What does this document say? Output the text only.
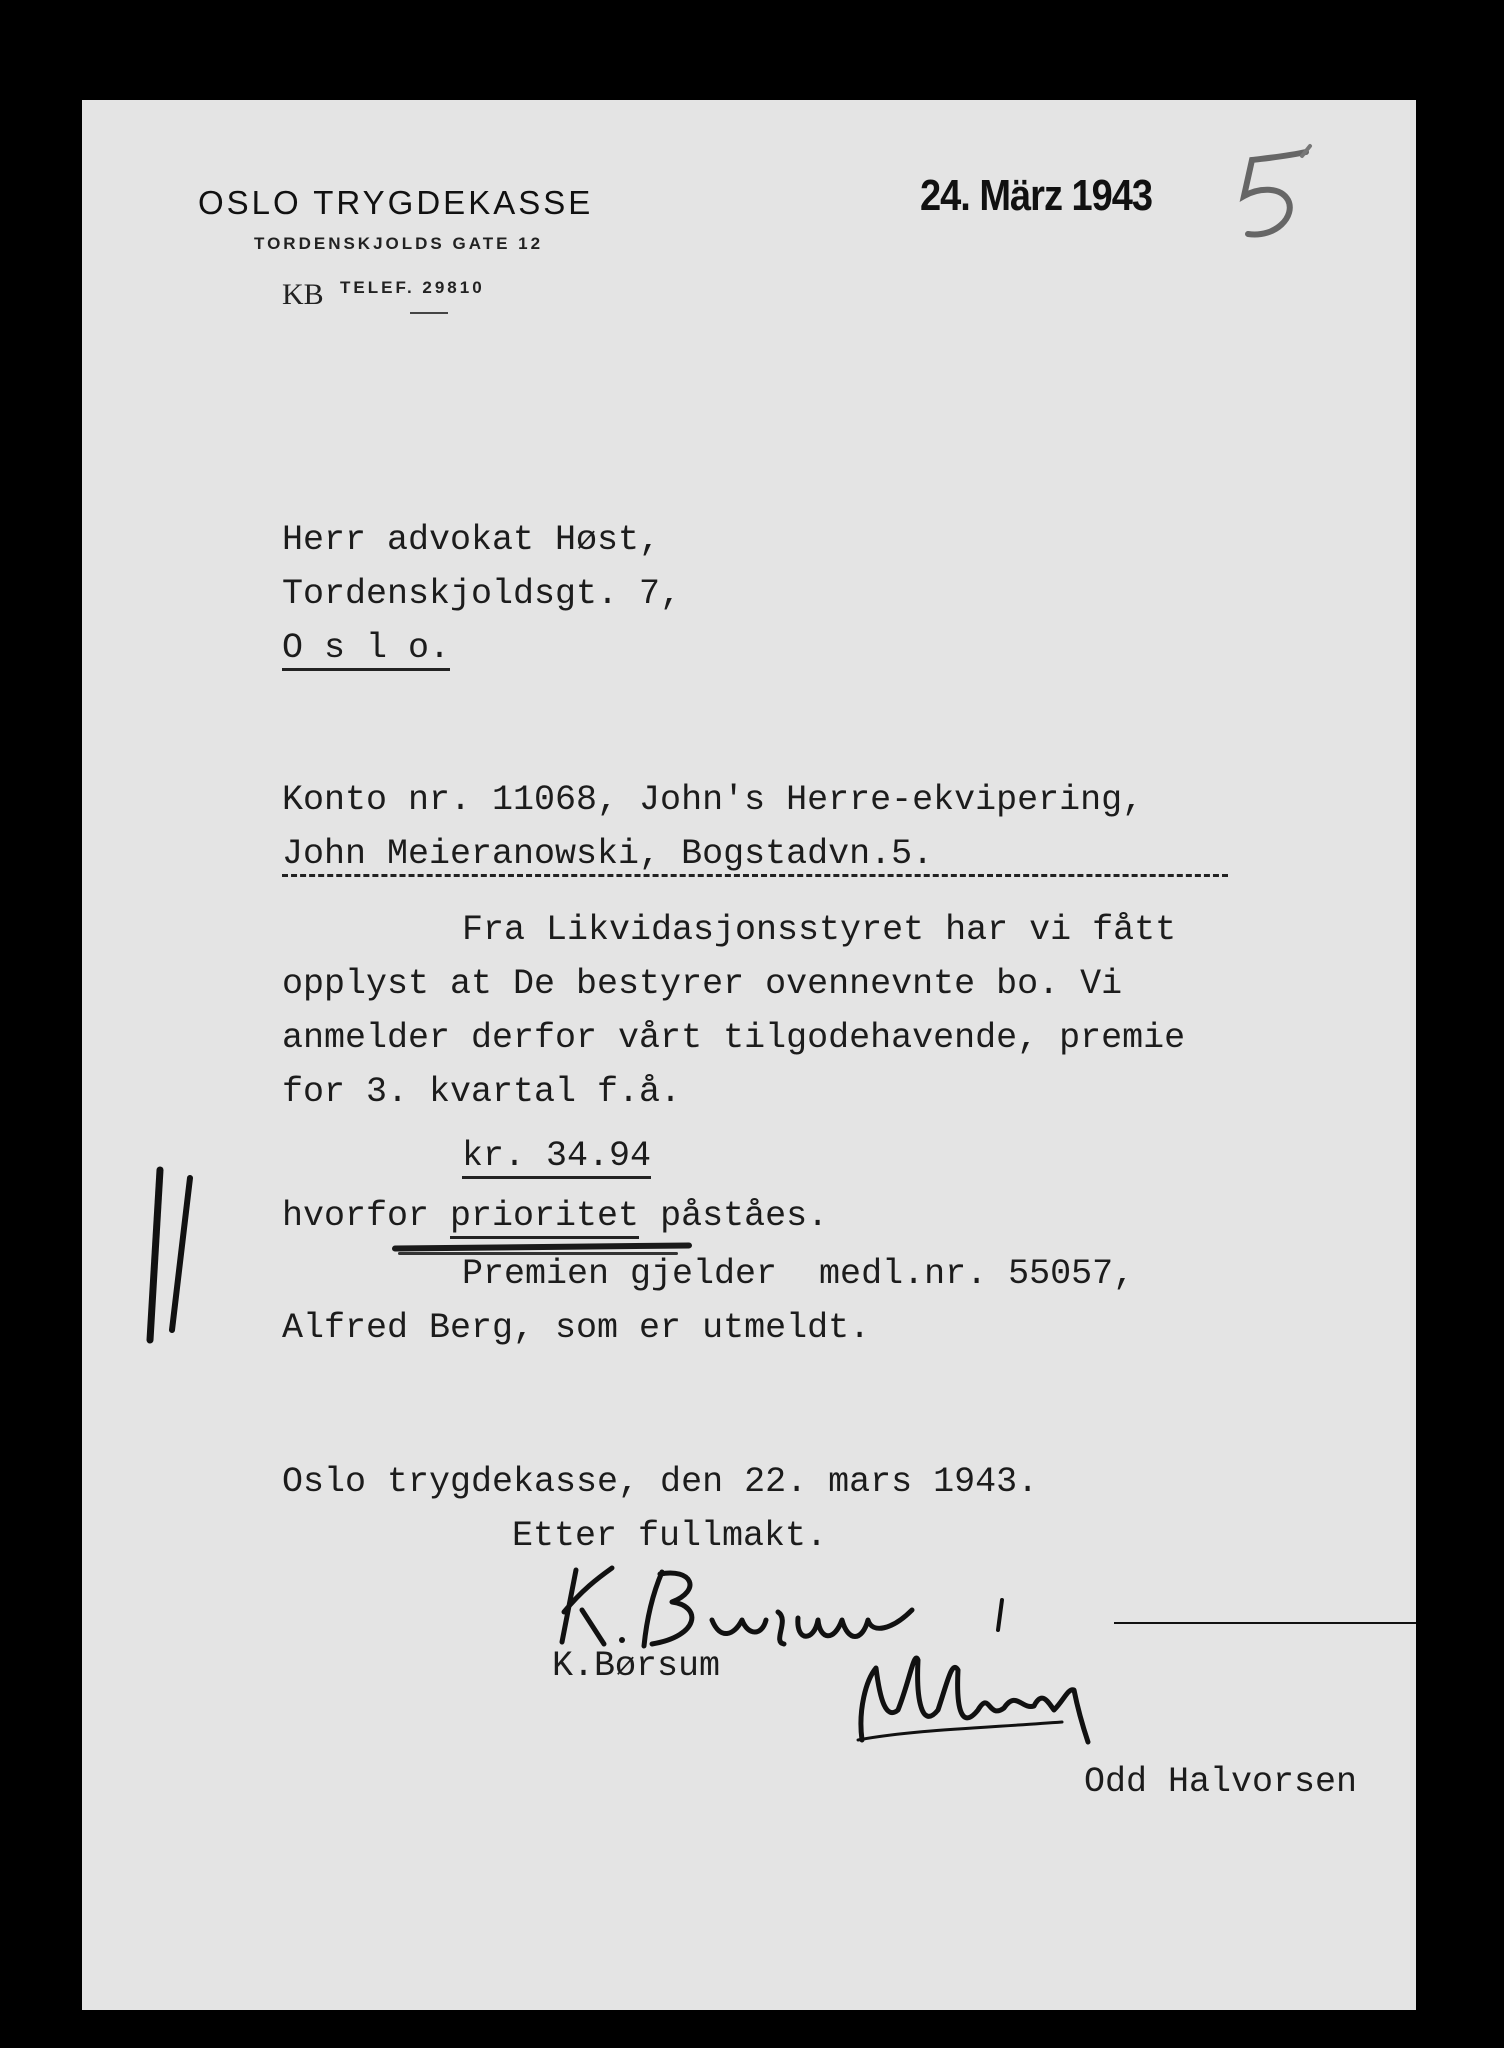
OSLO TRYGDEKASSE
TORDENSKJOLDS GATE 12
KB TELEF. 29810
24. März 1943	5
Herr advokat Høst,
Tordenskjoldsgt. 7,
O s l o.
Konto nr. 11068, John's Herre-ekvipering,
John Meieranowski, Bogstadvn.5.
Fra Likvidasjonsstyret har vi fått
opplyst at De bestyrer ovennevnte bo. Vi
anmelder derfor vårt tilgodehavende, premie
for 3. kvartal f.å.
kr. 34.94
hvorfor prioritet påståes.
Premien gjelder  medl.nr. 55057,
Alfred Berg, som er utmeldt.
Oslo trygdekasse, den 22. mars 1943.
Etter fullmakt.
K.Børsum
Odd Halvorsen
